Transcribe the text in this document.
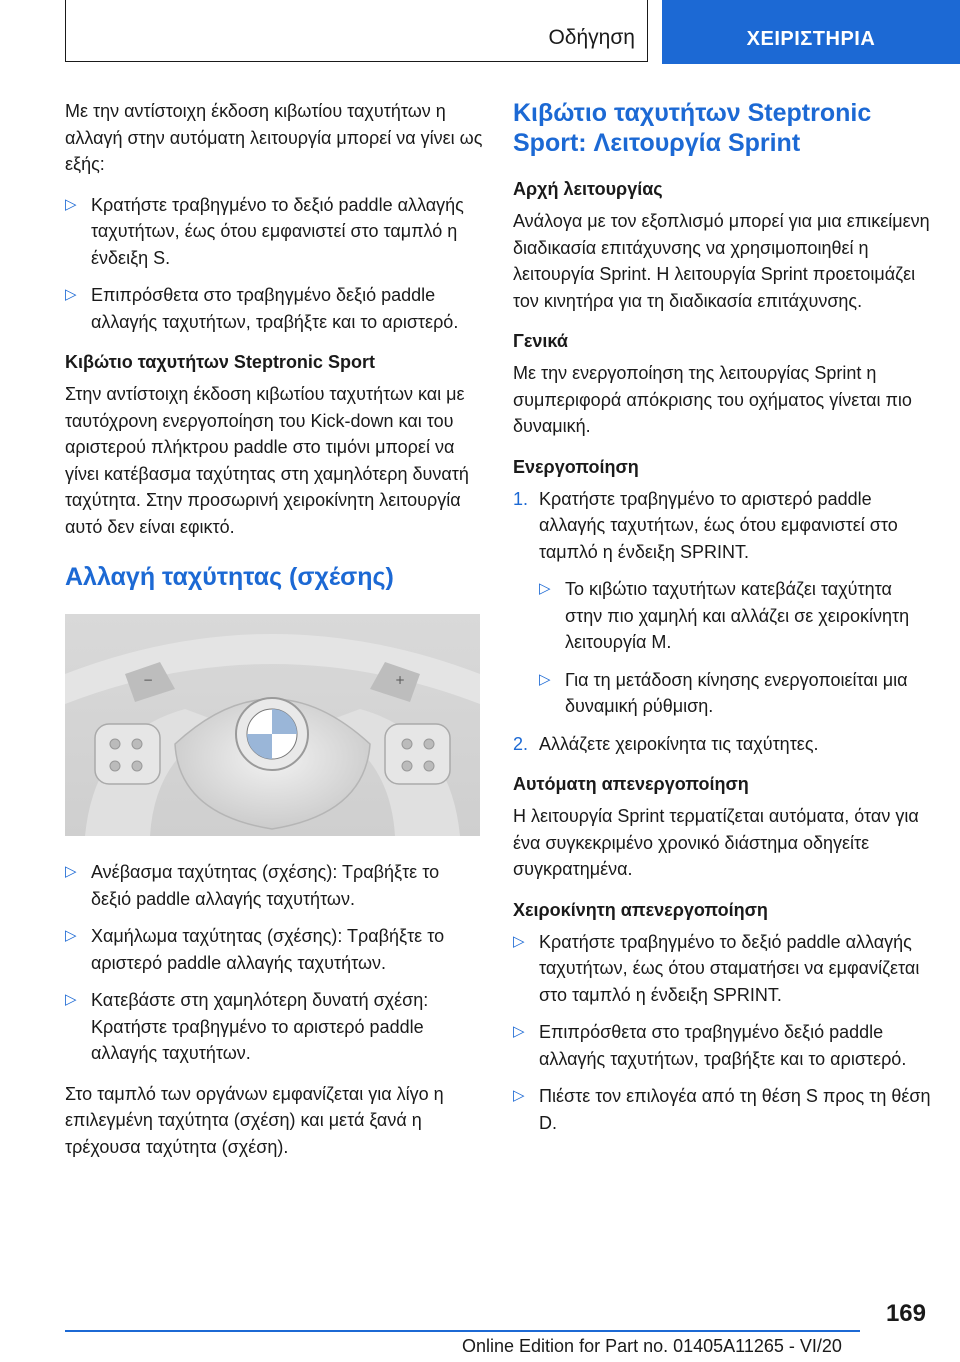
Οδήγηση	ΧΕΙΡΙΣΤΗΡΙΑ

Με την αντίστοιχη έκδοση κιβωτίου ταχυτήτων η αλλαγή στην αυτόματη λειτουργία μπορεί να γίνει ως εξής:

▷ Κρατήστε τραβηγμένο το δεξιό paddle αλλαγής ταχυτήτων, έως ότου εμφανιστεί στο ταμπλό η ένδειξη S.
▷ Επιπρόσθετα στο τραβηγμένο δεξιό paddle αλλαγής ταχυτήτων, τραβήξτε και το αριστερό.
Κιβώτιο ταχυτήτων Steptronic Sport

Στην αντίστοιχη έκδοση κιβωτίου ταχυτήτων και με ταυτόχρονη ενεργοποίηση του Kick-down και του αριστερού πλήκτρου paddle στο τιμόνι μπορεί να γίνει κατέβασμα ταχύτητας στη χαμηλότερη δυνατή ταχύτητα. Στην προσωρινή χειροκίνητη λειτουργία αυτό δεν είναι εφικτό.

Αλλαγή ταχύτητας (σχέσης)
−	+
▷ Ανέβασμα ταχύτητας (σχέσης): Τραβήξτε το δεξιό paddle αλλαγής ταχυτήτων.
▷ Χαμήλωμα ταχύτητας (σχέσης): Τραβήξτε το αριστερό paddle αλλαγής ταχυτήτων.
▷ Κατεβάστε στη χαμηλότερη δυνατή σχέση: Κρατήστε τραβηγμένο το αριστερό paddle αλλαγής ταχυτήτων.

Στο ταμπλό των οργάνων εμφανίζεται για λίγο η επιλεγμένη ταχύτητα (σχέση) και μετά ξανά η τρέχουσα ταχύτητα (σχέση).

Κιβώτιο ταχυτήτων Steptronic Sport: Λειτουργία Sprint
Αρχή λειτουργίας

Ανάλογα με τον εξοπλισμό μπορεί για μια επικείμενη διαδικασία επιτάχυνσης να χρησιμοποιηθεί η λειτουργία Sprint. Η λειτουργία Sprint προετοιμάζει τον κινητήρα για τη διαδικασία επιτάχυνσης.

Γενικά

Με την ενεργοποίηση της λειτουργίας Sprint η συμπεριφορά απόκρισης του οχήματος γίνεται πιο δυναμική.

Ενεργοποίηση
1. Κρατήστε τραβηγμένο το αριστερό paddle αλλαγής ταχυτήτων, έως ότου εμφανιστεί στο ταμπλό η ένδειξη SPRINT.
▷ Το κιβώτιο ταχυτήτων κατεβάζει ταχύτητα στην πιο χαμηλή και αλλάζει σε χειροκίνητη λειτουργία M.
▷ Για τη μετάδοση κίνησης ενεργοποιείται μια δυναμική ρύθμιση.
2. Αλλάζετε χειροκίνητα τις ταχύτητες.
Αυτόματη απενεργοποίηση

Η λειτουργία Sprint τερματίζεται αυτόματα, όταν για ένα συγκεκριμένο χρονικό διάστημα οδηγείτε συγκρατημένα.

Χειροκίνητη απενεργοποίηση
▷ Κρατήστε τραβηγμένο το δεξιό paddle αλλαγής ταχυτήτων, έως ότου σταματήσει να εμφανίζεται στο ταμπλό η ένδειξη SPRINT.
▷ Επιπρόσθετα στο τραβηγμένο δεξιό paddle αλλαγής ταχυτήτων, τραβήξτε και το αριστερό.
▷ Πιέστε τον επιλογέα από τη θέση S προς τη θέση D.
169
Online Edition for Part no. 01405A11265 - VI/20
